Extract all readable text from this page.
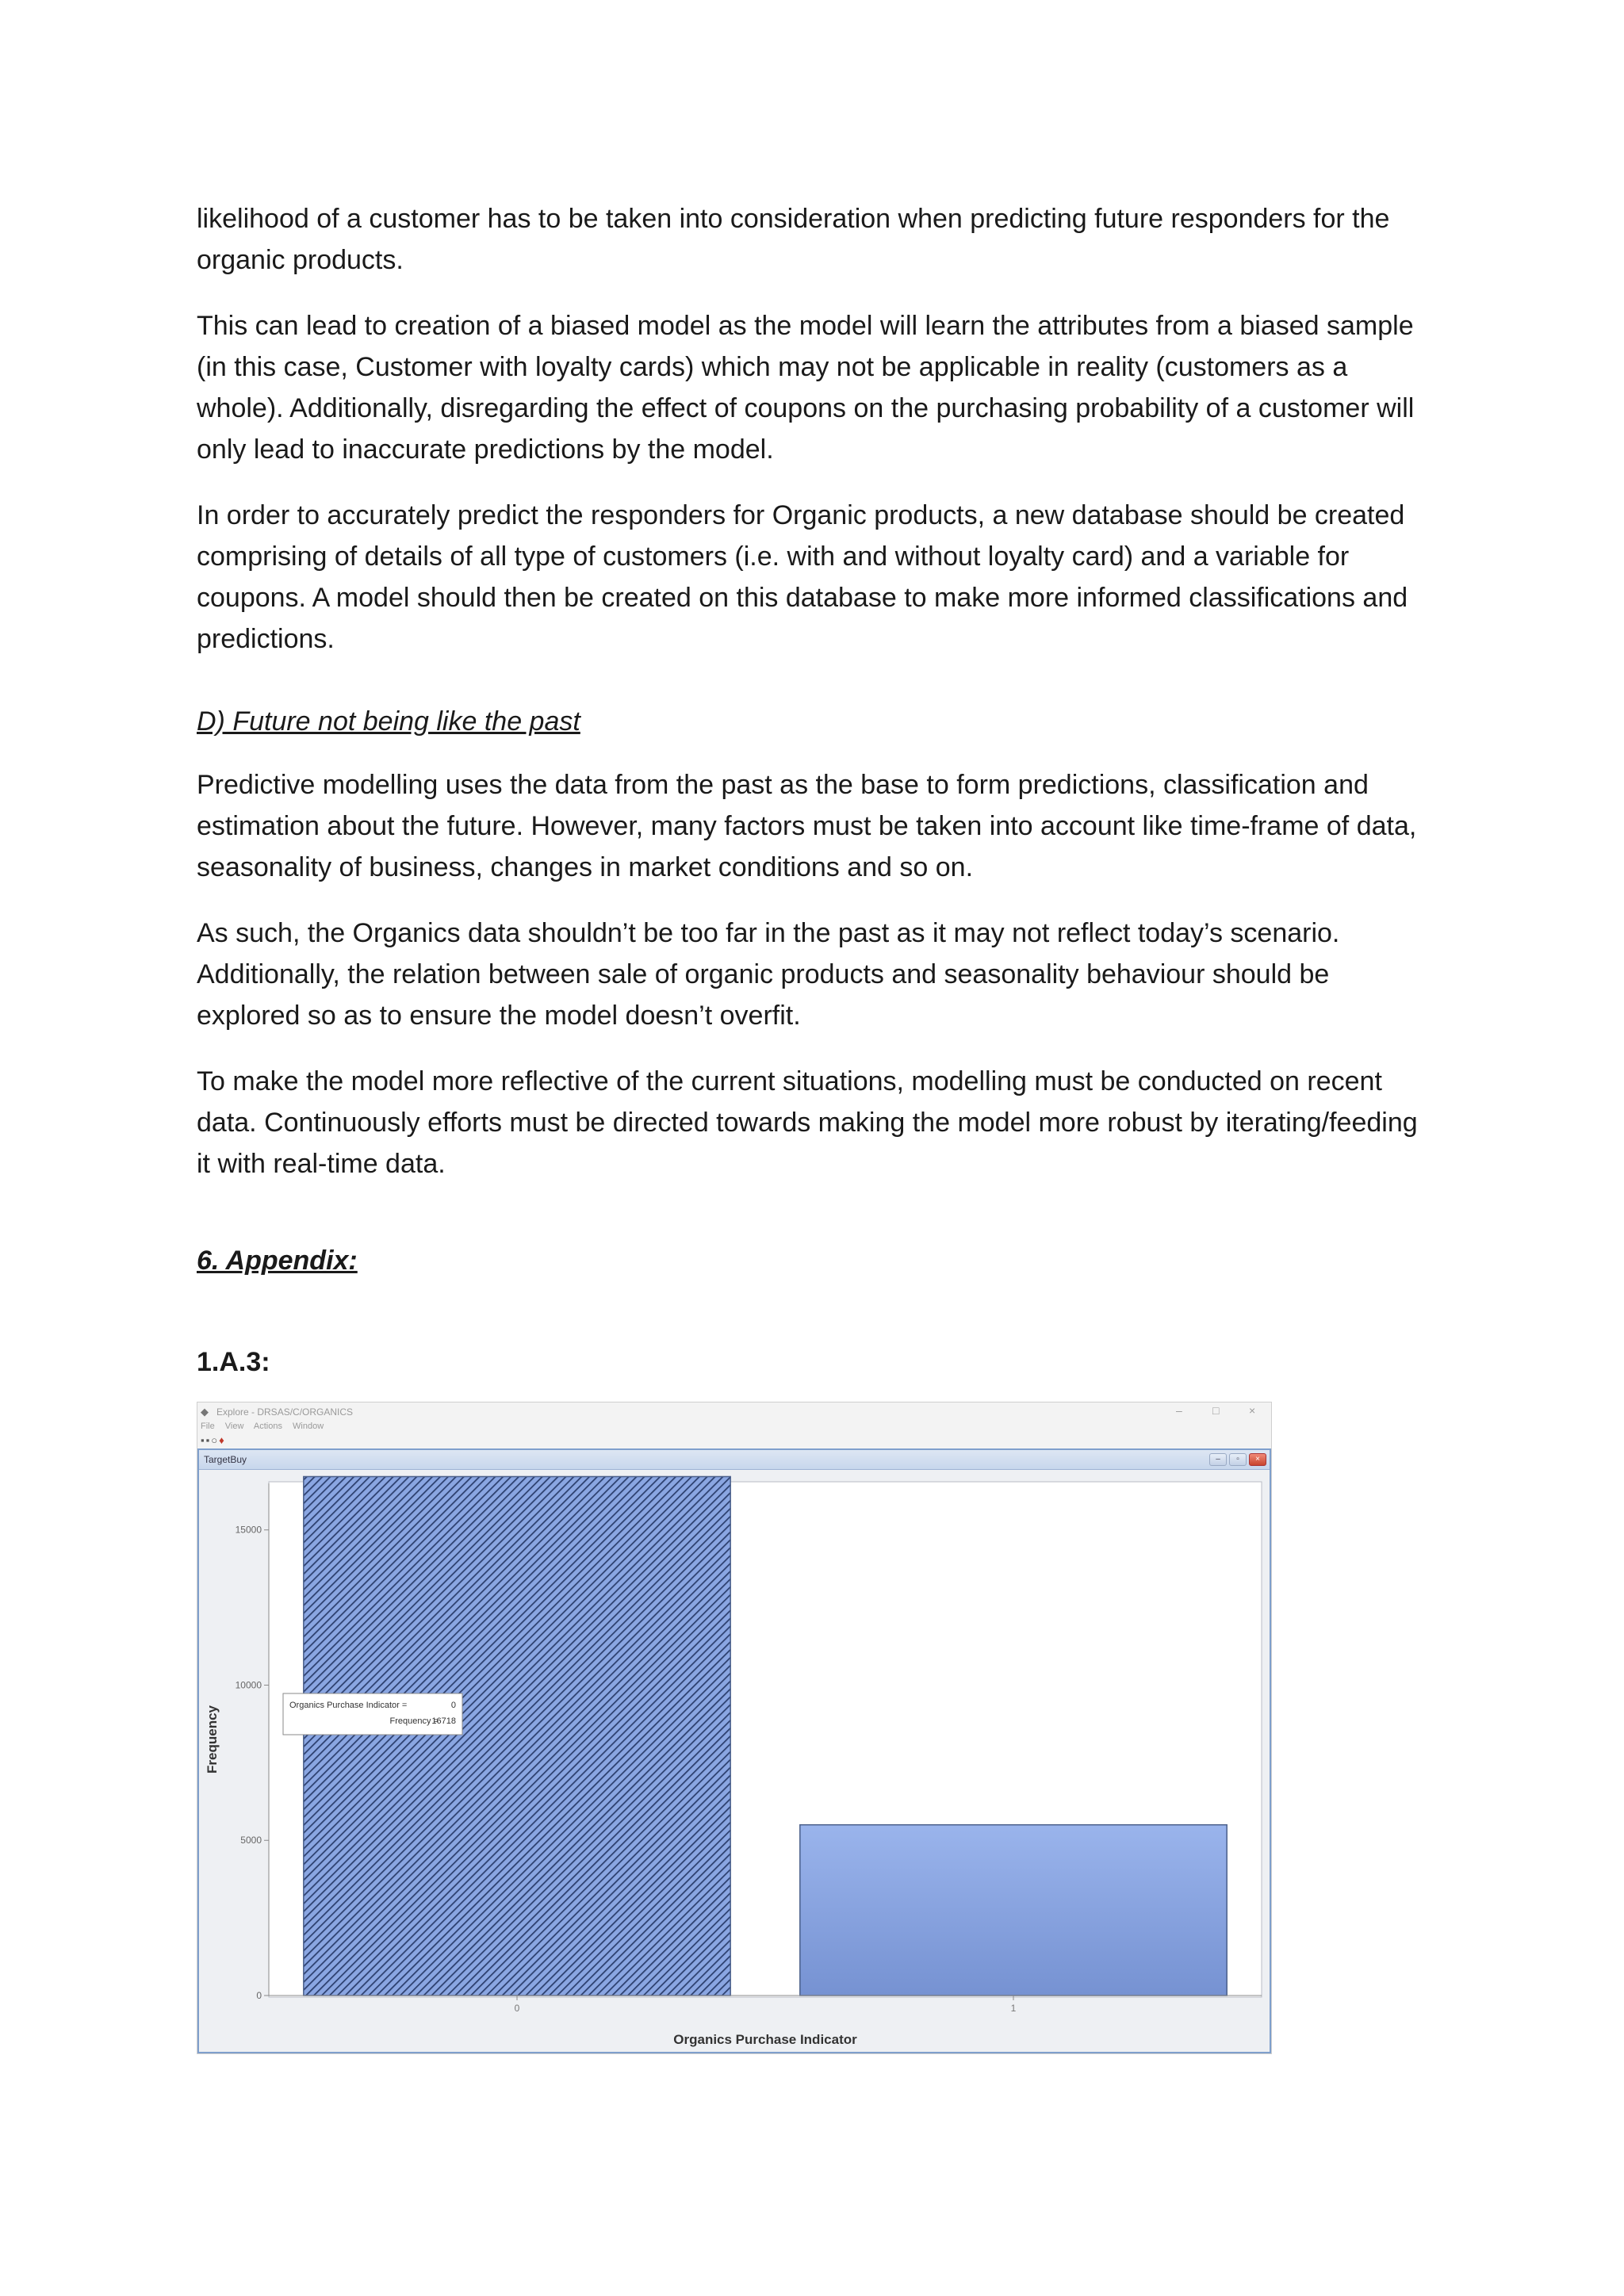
likelihood of a customer has to be taken into consideration when predicting future responders for the organic products.

This can lead to creation of a biased model as the model will learn the attributes from a biased sample (in this case, Customer with loyalty cards) which may not be applicable in reality (customers as a whole). Additionally, disregarding the effect of coupons on the purchasing probability of a customer will only lead to inaccurate predictions by the model.

In order to accurately predict the responders for Organic products, a new database should be created comprising of details of all type of customers (i.e. with and without loyalty card) and a variable for coupons. A model should then be created on this database to make more informed classifications and predictions.

D) Future not being like the past

Predictive modelling uses the data from the past as the base to form predictions, classification and estimation about the future. However, many factors must be taken into account like time-frame of data, seasonality of business, changes in market conditions and so on.

As such, the Organics data shouldn’t be too far in the past as it may not reflect today’s scenario. Additionally, the relation between sale of organic products and seasonality behaviour should be explored so as to ensure the model doesn’t overfit.

To make the model more reflective of the current situations, modelling must be conducted on recent data. Continuously efforts must be directed towards making the model more robust by iterating/feeding it with real-time data.

6. Appendix:

1.A.3:

◆ Explore - DRSAS/C/ORGANICS	–	□	×
File View Actions Window
▪▪○♦
0
5000
10000
15000
0	1
Frequency
Organics Purchase Indicator
Organics Purchase Indicator =	0
Frequency =
16718
TargetBuy	– ▫ ×
